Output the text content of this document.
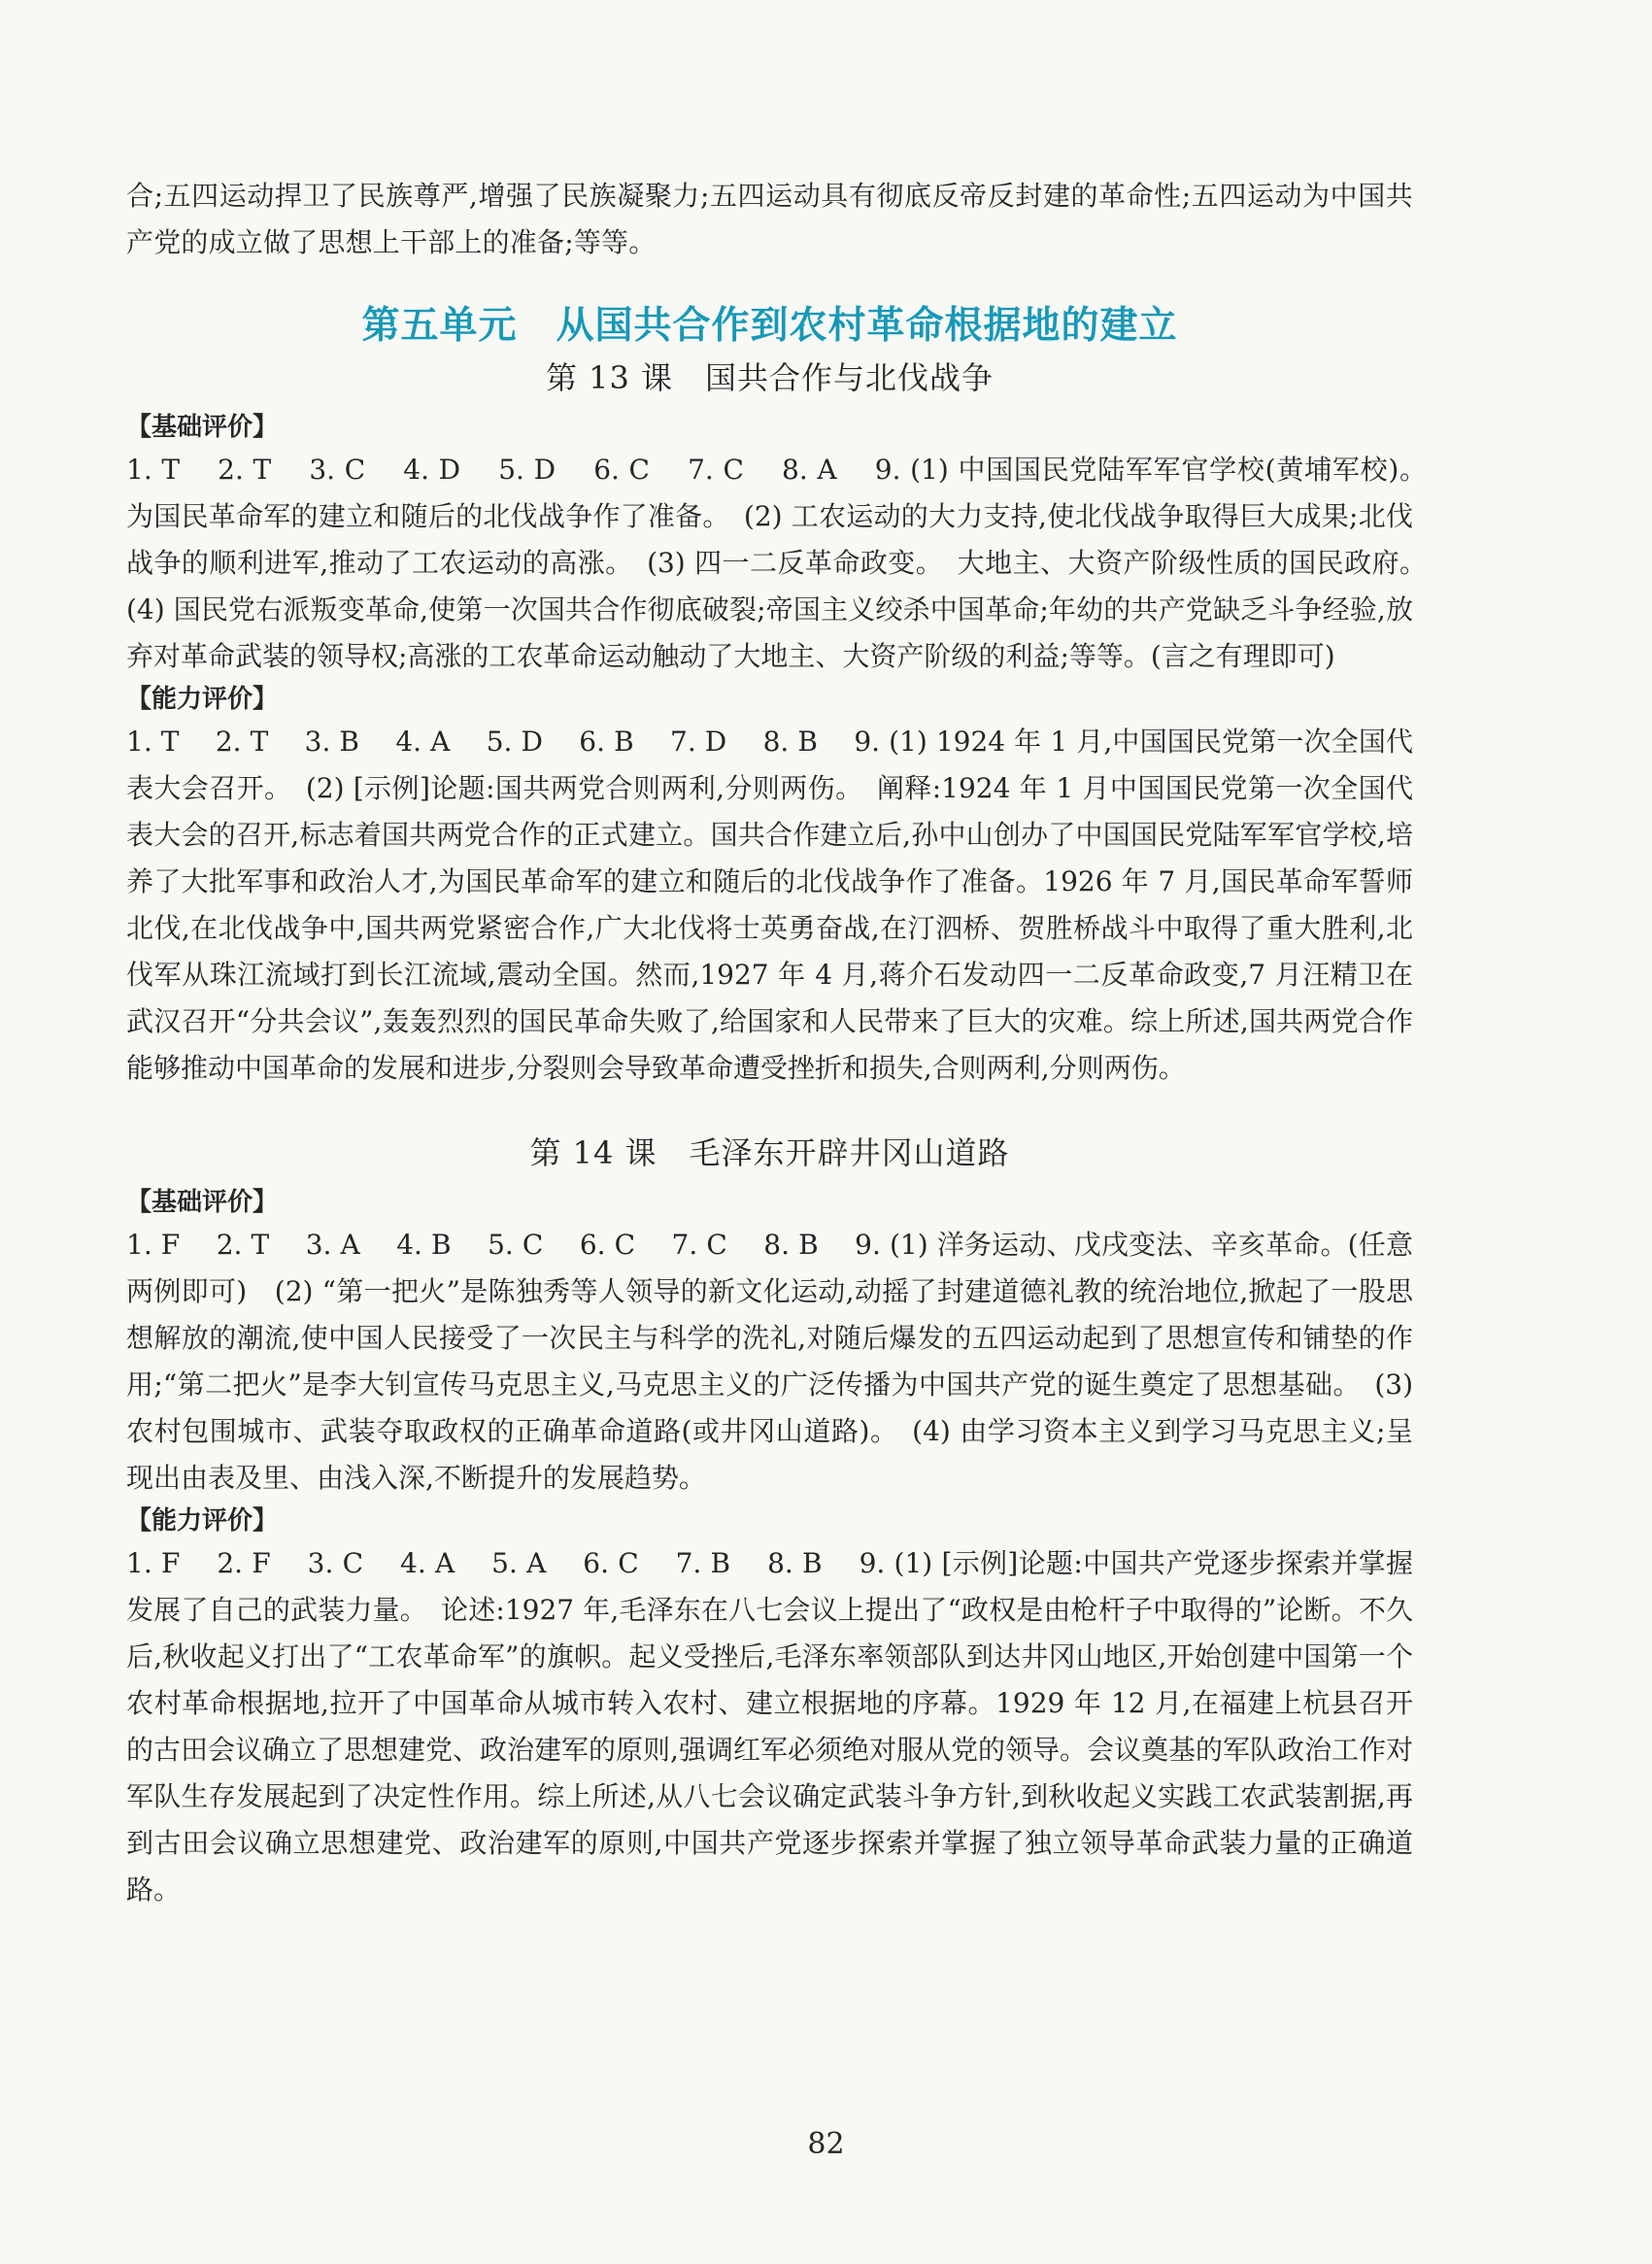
合;五四运动捍卫了民族尊严,增强了民族凝聚力;五四运动具有彻底反帝反封建的革命性;五四运动为中国共产党的成立做了思想上干部上的准备;等等。

第五单元　从国共合作到农村革命根据地的建立
第 13 课　国共合作与北伐战争
【基础评价】

1. T　 2. T　 3. C　 4. D　 5. D　 6. C　 7. C　 8. A　 9. (1) 中国国民党陆军军官学校(黄埔军校)。　为国民革命军的建立和随后的北伐战争作了准备。　(2) 工农运动的大力支持,使北伐战争取得巨大成果;北伐战争的顺利进军,推动了工农运动的高涨。　(3) 四一二反革命政变。　大地主、大资产阶级性质的国民政府。　(4) 国民党右派叛变革命,使第一次国共合作彻底破裂;帝国主义绞杀中国革命;年幼的共产党缺乏斗争经验,放弃对革命武装的领导权;高涨的工农革命运动触动了大地主、大资产阶级的利益;等等。(言之有理即可)

【能力评价】

1. T　 2. T　 3. B　 4. A　 5. D　 6. B　 7. D　 8. B　 9. (1) 1924 年 1 月,中国国民党第一次全国代表大会召开。　(2) [示例]论题:国共两党合则两利,分则两伤。　阐释:1924 年 1 月中国国民党第一次全国代表大会的召开,标志着国共两党合作的正式建立。国共合作建立后,孙中山创办了中国国民党陆军军官学校,培养了大批军事和政治人才,为国民革命军的建立和随后的北伐战争作了准备。1926 年 7 月,国民革命军誓师北伐,在北伐战争中,国共两党紧密合作,广大北伐将士英勇奋战,在汀泗桥、贺胜桥战斗中取得了重大胜利,北伐军从珠江流域打到长江流域,震动全国。然而,1927 年 4 月,蒋介石发动四一二反革命政变,7 月汪精卫在武汉召开“分共会议”,轰轰烈烈的国民革命失败了,给国家和人民带来了巨大的灾难。综上所述,国共两党合作能够推动中国革命的发展和进步,分裂则会导致革命遭受挫折和损失,合则两利,分则两伤。

第 14 课　毛泽东开辟井冈山道路
【基础评价】

1. F　 2. T　 3. A　 4. B　 5. C　 6. C　 7. C　 8. B　 9. (1) 洋务运动、戊戌变法、辛亥革命。(任意两例即可)　(2) “第一把火”是陈独秀等人领导的新文化运动,动摇了封建道德礼教的统治地位,掀起了一股思想解放的潮流,使中国人民接受了一次民主与科学的洗礼,对随后爆发的五四运动起到了思想宣传和铺垫的作用;“第二把火”是李大钊宣传马克思主义,马克思主义的广泛传播为中国共产党的诞生奠定了思想基础。　(3) 农村包围城市、武装夺取政权的正确革命道路(或井冈山道路)。　(4) 由学习资本主义到学习马克思主义;呈现出由表及里、由浅入深,不断提升的发展趋势。

【能力评价】

1. F　 2. F　 3. C　 4. A　 5. A　 6. C　 7. B　 8. B　 9. (1) [示例]论题:中国共产党逐步探索并掌握发展了自己的武装力量。　论述:1927 年,毛泽东在八七会议上提出了“政权是由枪杆子中取得的”论断。不久后,秋收起义打出了“工农革命军”的旗帜。起义受挫后,毛泽东率领部队到达井冈山地区,开始创建中国第一个农村革命根据地,拉开了中国革命从城市转入农村、建立根据地的序幕。1929 年 12 月,在福建上杭县召开的古田会议确立了思想建党、政治建军的原则,强调红军必须绝对服从党的领导。会议奠基的军队政治工作对军队生存发展起到了决定性作用。综上所述,从八七会议确定武装斗争方针,到秋收起义实践工农武装割据,再到古田会议确立思想建党、政治建军的原则,中国共产党逐步探索并掌握了独立领导革命武装力量的正确道路。

82
